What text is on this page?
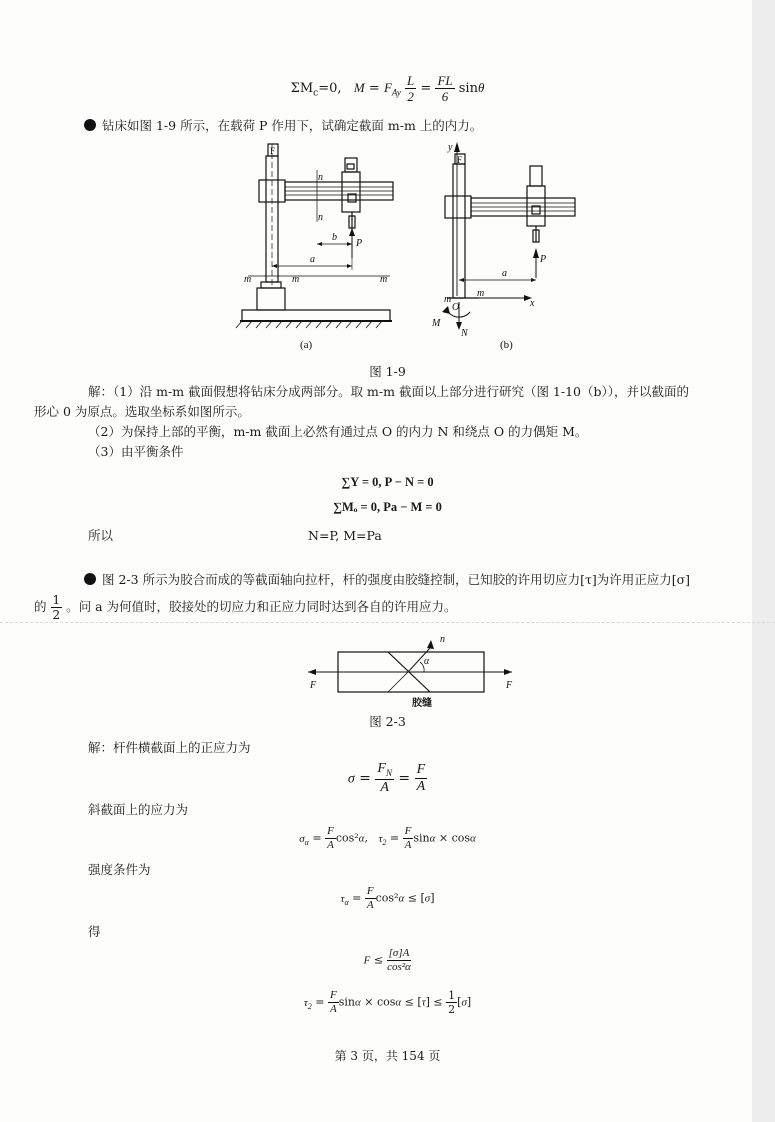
$\Sigma M_c=0$,   $M = F_{Ay} \frac{L}{2} = \frac{FL}{6}$ sinθ
钻床如图 1-9 所示，在载荷 P 作用下，试确定截面 m-m 上的内力。
F
F
n
n
b
P
a
m	m	m
y
a
P
m
m	x
M
O
N
(a)	(b)
图 1-9
解：（1）沿 m-m 截面假想将钻床分成两部分。取 m-m 截面以上部分进行研究（图 1-10（b）），并以截面的
形心 0 为原点。选取坐标系如图所示。
（2）为保持上部的平衡，m-m 截面上必然有通过点 O 的内力 N 和绕点 O 的力偶矩 M。
（3）由平衡条件
∑Y = 0, P − N = 0
∑Mₒ = 0, Pa − M = 0
所以	N=P, M=Pa
图 2-3 所示为胶合而成的等截面轴向拉杆，杆的强度由胶缝控制，已知胶的许用切应力[τ]为许用正应力[σ]
的 $\frac{1}{2}$ 。问 a 为何值时，胶接处的切应力和正应力同时达到各自的许用应力。
F	F
n
α
胶缝
图 2-3
解：杆件横截面上的正应力为
$\sigma = \frac{F_N}{A} = \frac{F}{A}$
斜截面上的应力为
$\sigma_\alpha = \frac{F}{A} \cos^2\alpha$,   $\tau_2 = \frac{F}{A}$ sinα × cosα
强度条件为
$\tau_\alpha = \frac{F}{A} \cos^2\alpha \le [\sigma]$
得
$F \le \frac{[\sigma]A}{\text{cos²α}}$
$\tau_2 = \frac{F}{A}$ $\sin\alpha \times \cos\alpha \le [\tau] \le \frac{1}{2} [\sigma]$
第 3 页，共 154 页
